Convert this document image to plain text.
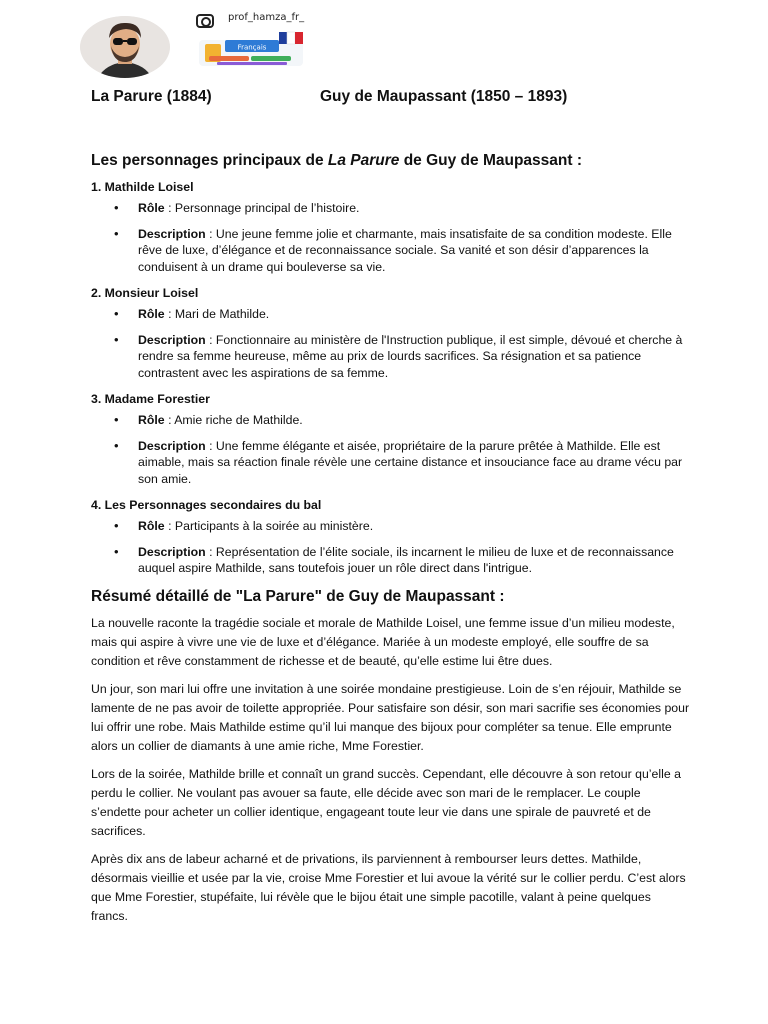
prof_hamza_fr_
Français
La Parure (1884)	Guy de Maupassant (1850 – 1893)
Les personnages principaux de La Parure de Guy de Maupassant :
1. Mathilde Loisel
• Rôle : Personnage principal de l’histoire.
• Description : Une jeune femme jolie et charmante, mais insatisfaite de sa condition modeste. Elle rêve de luxe, d’élégance et de reconnaissance sociale. Sa vanité et son désir d’apparences la conduisent à un drame qui bouleverse sa vie.
2. Monsieur Loisel
• Rôle : Mari de Mathilde.
• Description : Fonctionnaire au ministère de l'Instruction publique, il est simple, dévoué et cherche à rendre sa femme heureuse, même au prix de lourds sacrifices. Sa résignation et sa patience contrastent avec les aspirations de sa femme.
3. Madame Forestier
• Rôle : Amie riche de Mathilde.
• Description : Une femme élégante et aisée, propriétaire de la parure prêtée à Mathilde. Elle est aimable, mais sa réaction finale révèle une certaine distance et insouciance face au drame vécu par son amie.
4. Les Personnages secondaires du bal
• Rôle : Participants à la soirée au ministère.
• Description : Représentation de l’élite sociale, ils incarnent le milieu de luxe et de reconnaissance auquel aspire Mathilde, sans toutefois jouer un rôle direct dans l'intrigue.
Résumé détaillé de "La Parure" de Guy de Maupassant :

La nouvelle raconte la tragédie sociale et morale de Mathilde Loisel, une femme issue d’un milieu modeste, mais qui aspire à vivre une vie de luxe et d’élégance. Mariée à un modeste employé, elle souffre de sa condition et rêve constamment de richesse et de beauté, qu’elle estime lui être dues.

Un jour, son mari lui offre une invitation à une soirée mondaine prestigieuse. Loin de s’en réjouir, Mathilde se lamente de ne pas avoir de toilette appropriée. Pour satisfaire son désir, son mari sacrifie ses économies pour lui offrir une robe. Mais Mathilde estime qu’il lui manque des bijoux pour compléter sa tenue. Elle emprunte alors un collier de diamants à une amie riche, Mme Forestier.

Lors de la soirée, Mathilde brille et connaît un grand succès. Cependant, elle découvre à son retour qu’elle a perdu le collier. Ne voulant pas avouer sa faute, elle décide avec son mari de le remplacer. Le couple s’endette pour acheter un collier identique, engageant toute leur vie dans une spirale de pauvreté et de sacrifices.

Après dix ans de labeur acharné et de privations, ils parviennent à rembourser leurs dettes. Mathilde, désormais vieillie et usée par la vie, croise Mme Forestier et lui avoue la vérité sur le collier perdu. C’est alors que Mme Forestier, stupéfaite, lui révèle que le bijou était une simple pacotille, valant à peine quelques francs.
